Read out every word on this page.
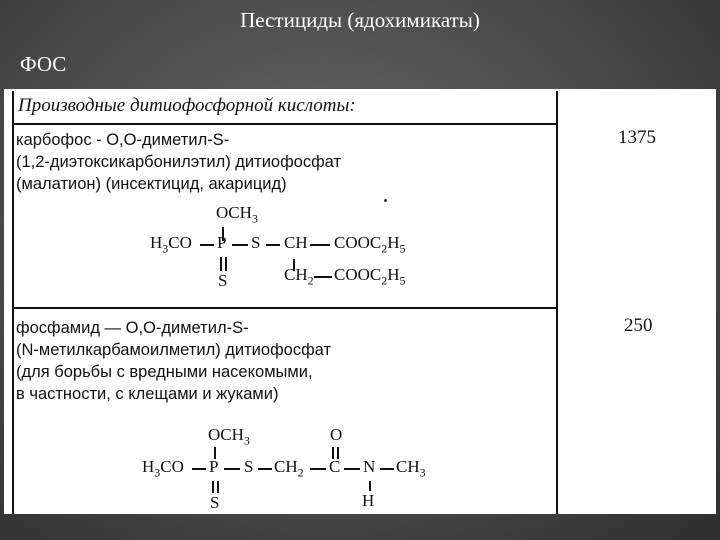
Пестициды (ядохимикаты)
ФОС
Производные дитиофосфорной кислоты:
карбофос - О,О-диметил-S-
(1,2-диэтоксикарбонилэтил) дитиофосфат
(малатион) (инсектицид, акарицид)
1375
$OCH_3$
$H_3CO$ P S CH $COOC_2H_5$
S	$CH_2$ $COOC_2H_5$
фосфамид — О,О-диметил-S-
(N-метилкарбамоилметил) дитиофосфат
(для борьбы с вредными насекомыми,
в частности, с клещами и жуками)
250
$OCH_3$	O
$H_3CO$ P S $CH_2$ C N $CH_3$
S	H
